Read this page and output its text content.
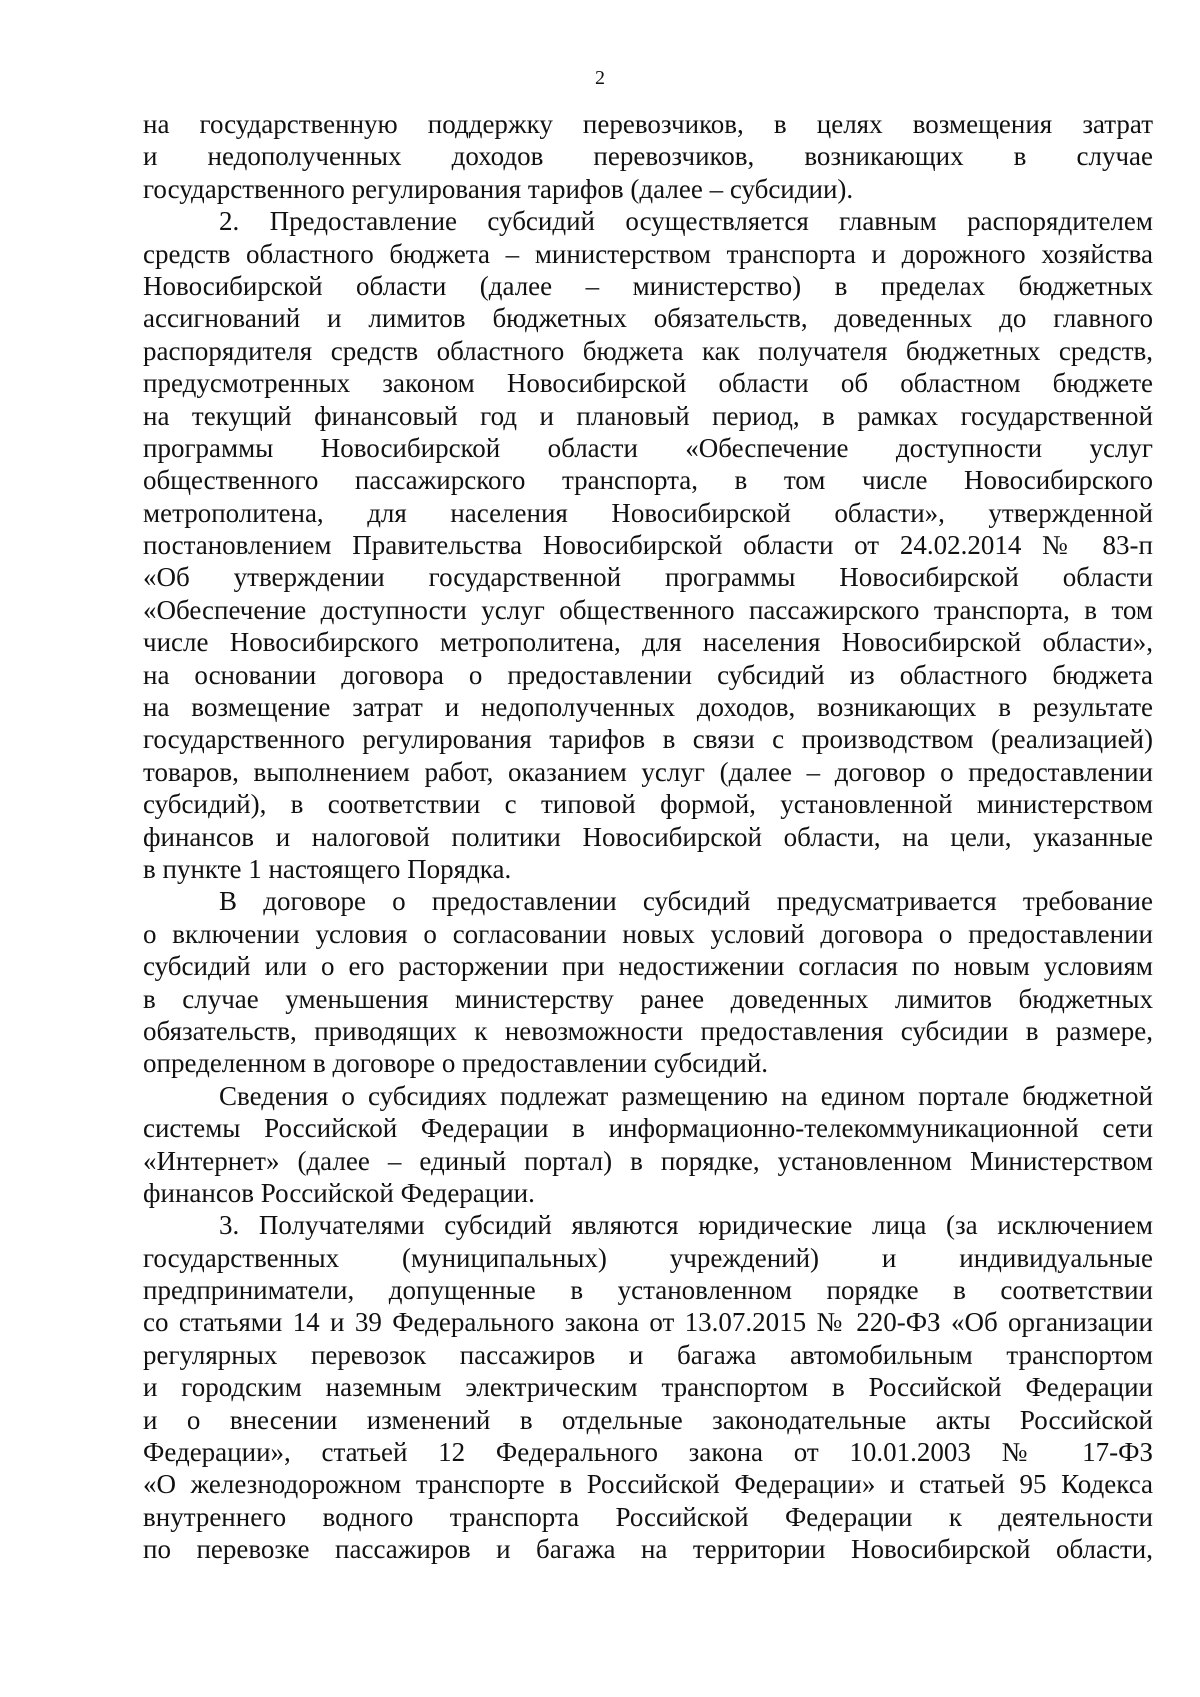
2
на государственную поддержку перевозчиков, в целях возмещения затрат
и недополученных доходов перевозчиков, возникающих в случае
государственного регулирования тарифов (далее – субсидии).
2. Предоставление субсидий осуществляется главным распорядителем
средств областного бюджета – министерством транспорта и дорожного хозяйства
Новосибирской области (далее – министерство) в пределах бюджетных
ассигнований и лимитов бюджетных обязательств, доведенных до главного
распорядителя средств областного бюджета как получателя бюджетных средств,
предусмотренных законом Новосибирской области об областном бюджете
на текущий финансовый год и плановый период, в рамках государственной
программы Новосибирской области «Обеспечение доступности услуг
общественного пассажирского транспорта, в том числе Новосибирского
метрополитена, для населения Новосибирской области», утвержденной
постановлением Правительства Новосибирской области от 24.02.2014 № 83-п
«Об утверждении государственной программы Новосибирской области
«Обеспечение доступности услуг общественного пассажирского транспорта, в том
числе Новосибирского метрополитена, для населения Новосибирской области»,
на основании договора о предоставлении субсидий из областного бюджета
на возмещение затрат и недополученных доходов, возникающих в результате
государственного регулирования тарифов в связи с производством (реализацией)
товаров, выполнением работ, оказанием услуг (далее – договор о предоставлении
субсидий), в соответствии с типовой формой, установленной министерством
финансов и налоговой политики Новосибирской области, на цели, указанные
в пункте 1 настоящего Порядка.
В договоре о предоставлении субсидий предусматривается требование
о включении условия о согласовании новых условий договора о предоставлении
субсидий или о его расторжении при недостижении согласия по новым условиям
в случае уменьшения министерству ранее доведенных лимитов бюджетных
обязательств, приводящих к невозможности предоставления субсидии в размере,
определенном в договоре о предоставлении субсидий.
Сведения о субсидиях подлежат размещению на едином портале бюджетной
системы Российской Федерации в информационно-телекоммуникационной сети
«Интернет» (далее – единый портал) в порядке, установленном Министерством
финансов Российской Федерации.
3. Получателями субсидий являются юридические лица (за исключением
государственных (муниципальных) учреждений) и индивидуальные
предприниматели, допущенные в установленном порядке в соответствии
со статьями 14 и 39 Федерального закона от 13.07.2015 № 220-ФЗ «Об организации
регулярных перевозок пассажиров и багажа автомобильным транспортом
и городским наземным электрическим транспортом в Российской Федерации
и о внесении изменений в отдельные законодательные акты Российской
Федерации», статьей 12 Федерального закона от 10.01.2003 № 17-ФЗ
«О железнодорожном транспорте в Российской Федерации» и статьей 95 Кодекса
внутреннего водного транспорта Российской Федерации к деятельности
по перевозке пассажиров и багажа на территории Новосибирской области,
